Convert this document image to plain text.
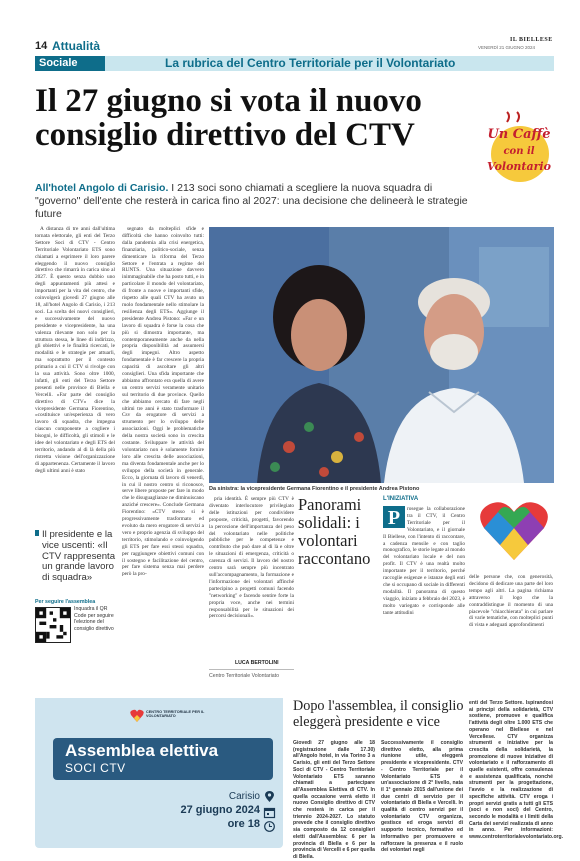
14 Attualità	IL BIELLESE
VENERDÌ 21 GIUGNO 2024
Sociale	La rubrica del Centro Territoriale per il Volontariato
Il 27 giugno si vota il nuovo consiglio direttivo del CTV	Un Caffè
con il
Volontario
All'hotel Angolo di Carisio. I 213 soci sono chiamati a scegliere la nuova squadra di "governo" dell'ente che resterà in carica fino al 2027: una decisione che delineerà le strategie future

A distanza di tre anni dall'ultima tornata elettorale, gli enti del Terzo Settore Soci di CTV - Centro Territoriale Volontariato ETS sono chiamati a esprimere il loro parere eleggendo il nuovo consiglio direttivo che rimarrà in carica sino al 2027. È questo senza dubbio uno degli appuntamenti più attesi e importanti per la vita del centro, che coinvolgerà giovedì 27 giugno alle 18, all'hotel Angolo di Carisio, i 213 soci. La scelta dei nuovi consiglieri, e successivamente del nuovo presidente e vicepresidente, ha una valenza rilevante non solo per la struttura stessa, le linee di indirizzo, gli obiettivi e le finalità ricercati, le modalità e le strategie per attuarli, ma soprattutto per il contesto primario a cui il CTV si rivolge con la sua attività. Sono oltre 1000, infatti, gli enti del Terzo Settore presenti nelle province di Biella e Vercelli. «Far parte del consiglio direttivo di CTV» dice la vicepresidente Germana Fiorentino, «costituisce un'esperienza di vero lavoro di squadra, che impegna ciascun componente a cogliere i bisogni, le difficoltà, gli stimoli e le idee del volontariato e degli ETS del territorio, andando al di là della più ristretta visione dell'organizzazione di appartenenza. Certamente il lavoro degli ultimi anni è stato

Il presidente e la vice uscenti: «Il CTV rappresenta un grande lavoro di squadra»
Per seguire l'assemblea
Inquadra il QR Code per seguire l'elezione del consiglio direttivo

segnato da molteplici sfide e difficoltà che hanno coinvolto tutti: dalla pandemia alla crisi energetica, finanziaria, politico-sociale, senza dimenticare la riforma del Terzo Settore e l'entrata a regime del RUNTS. Una situazione davvero inimmaginabile che ha posto tutti, e in particolare il mondo del volontariato, di fronte a nuove e importanti sfide, rispetto alle quali CTV ha avuto un ruolo fondamentale nello stimolare la resilienza degli ETS». Aggiunge il presidente Andrea Pistono: «Far e un lavoro di squadra è forse la cosa che più si dimostra importante, ma contemporaneamente anche da nella propria disponibilità ad assumersi degli impegni. Altro aspetto fondamentale è far crescere la propria capacità di ascoltare gli altri consiglieri. Una sfida importante che abbiamo affrontato era quella di avere un centro servizi veramente unitario sul territorio di due province. Quello che abbiamo cercato di fare negli ultimi tre anni è stato trasformare il Csv da erogatore di servizi a strumento per lo sviluppo delle associazioni. Oggi le problematiche della nostra società sono in crescita costante. Sviluppare le attività del volontariato non è solamente fornire loro alle crescita delle associazioni, ma diventa fondamentale anche per lo sviluppo della società in generale. Ecco, la giornata di lavoro di venerdì, in cui il nostro centro si riconosce, serve libere proposte per fare in modo che le disuguaglianze ne diminuiscano anziché crescere». Conclude Germana Fiorentino: «CTV stesso si è progressivamente trasformato ed evoluto da mero erogatore di servizi a vero e proprio agenzia di sviluppo del territorio, stimolando e coinvolgendo gli ETS per fare essi stessi squadra, per raggiungere obiettivi comuni con il sostegno e facilitazione del centro, per fare sistema senza mai perdere però la pro-

Da sinistra: la vicepresidente Germana Fiorentino e il presidente Andrea Pistono

pria identità. È sempre più CTV è diventato interlocutore privilegiato delle istituzioni per condividere proposte, criticità, progetti, favorendo la percezione dell'importanza del peso del volontariato nelle politiche pubbliche per le competenze e contributo che può dare al di là e oltre le situazioni di emergenza, criticità o carenza di servizi. Il lavoro del nostro centro sarà sempre più incentrato sull'accompagnamento, la formazione e l'informazione dei volontari affinché partecipino a progetti comuni facendo "networking" e facendo sentire forte la propria voce, anche nei termini responsabilità per le situazioni dei percorsi decisionali».

LUCA BERTOLINI
Centro Territoriale Volontariato
Panorami solidali: i volontari raccontano
L'INIZIATIVA
P	rosegue la collaborazione tra il CTV, il Centro Territoriale per il Volontariato, e il giornale Il Biellese, con l'intento di raccontare, a cadenza mensile e con taglio monografico, le storie legate al mondo del volontariato locale e del non profit. Il CTV è una realtà molto importante per il territorio, perché raccoglie esigenze e istanze degli enti che si occupano di sociale in differenti modalità. Il panorama di questo viaggio, iniziato a febbraio del 2023, è molto variegato e corrisponde alle tante attitudini
delle persone che, con generosità, decidono di dedicare una parte del loro tempo agli altri. La pagina richiama attraverso il logo che la contraddistingue il momento di una piacevole "chiacchierata" in cui parlare di varie tematiche, con molteplici punti di vista e adeguati approfondimenti
CENTRO TERRITORIALE PER IL VOLONTARIATO
Assemblea elettiva
SOCI CTV
Carisio
27 giugno 2024
ore 18
Dopo l'assemblea, il consiglio eleggerà presidente e vice
Giovedì 27 giugno alle 18 (registrazione dalle 17.30) all'Angolo hotel, in via Torino 3 a Carisio, gli enti del Terzo Settore Soci di CTV - Centro Territoriale Volontariato ETS saranno chiamati a partecipare all'Assemblea Elettiva di CTV. In quella occasione verrà eletto il nuovo Consiglio direttivo di CTV che resterà in carica per il triennio 2024-2027. Lo statuto prevede che il consiglio direttivo sia composto da 12 consiglieri eletti dall'Assemblea: 6 per la provincia di Biella e 6 per la provincia di Vercelli e 6 per quella di Biella.
Successivamente il consiglio direttivo eletto, alla prima riunione utile, eleggerà presidente e vicepresidente. CTV - Centro Territoriale per il Volontariato ETS è un'associazione di 2° livello, nata il 1° gennaio 2015 dall'unione dei due centri di servizio per il volontariato di Biella e Vercelli. In qualità di centro servizi per il volontariato CTV organizza, gestisce ed eroga servizi di supporto tecnico, formativo ed informativo per promuovere e rafforzare la presenza e il ruolo dei volontari negli
enti del Terzo Settore. Ispirandosi ai principi della solidarietà, CTV sostiene, promuove e qualifica l'attività degli oltre 1.000 ETS che operano nel Biellese e nel Vercellese. CTV organizza strumenti e iniziative per la crescita della solidarietà, la promozione di nuove iniziative di volontariato e il rafforzamento di quelle esistenti, offre consulenza e assistenza qualificata, nonché strumenti per la progettazione, l'avvio e la realizzazione di specifiche attività. CTV eroga i propri servizi gratis a tutti gli ETS (soci e non soci) del Centro, secondo le modalità e i limiti della Carta dei servizi realizzata di anno in anno. Per informazioni: www.centroterritorialevolontariato.org.
